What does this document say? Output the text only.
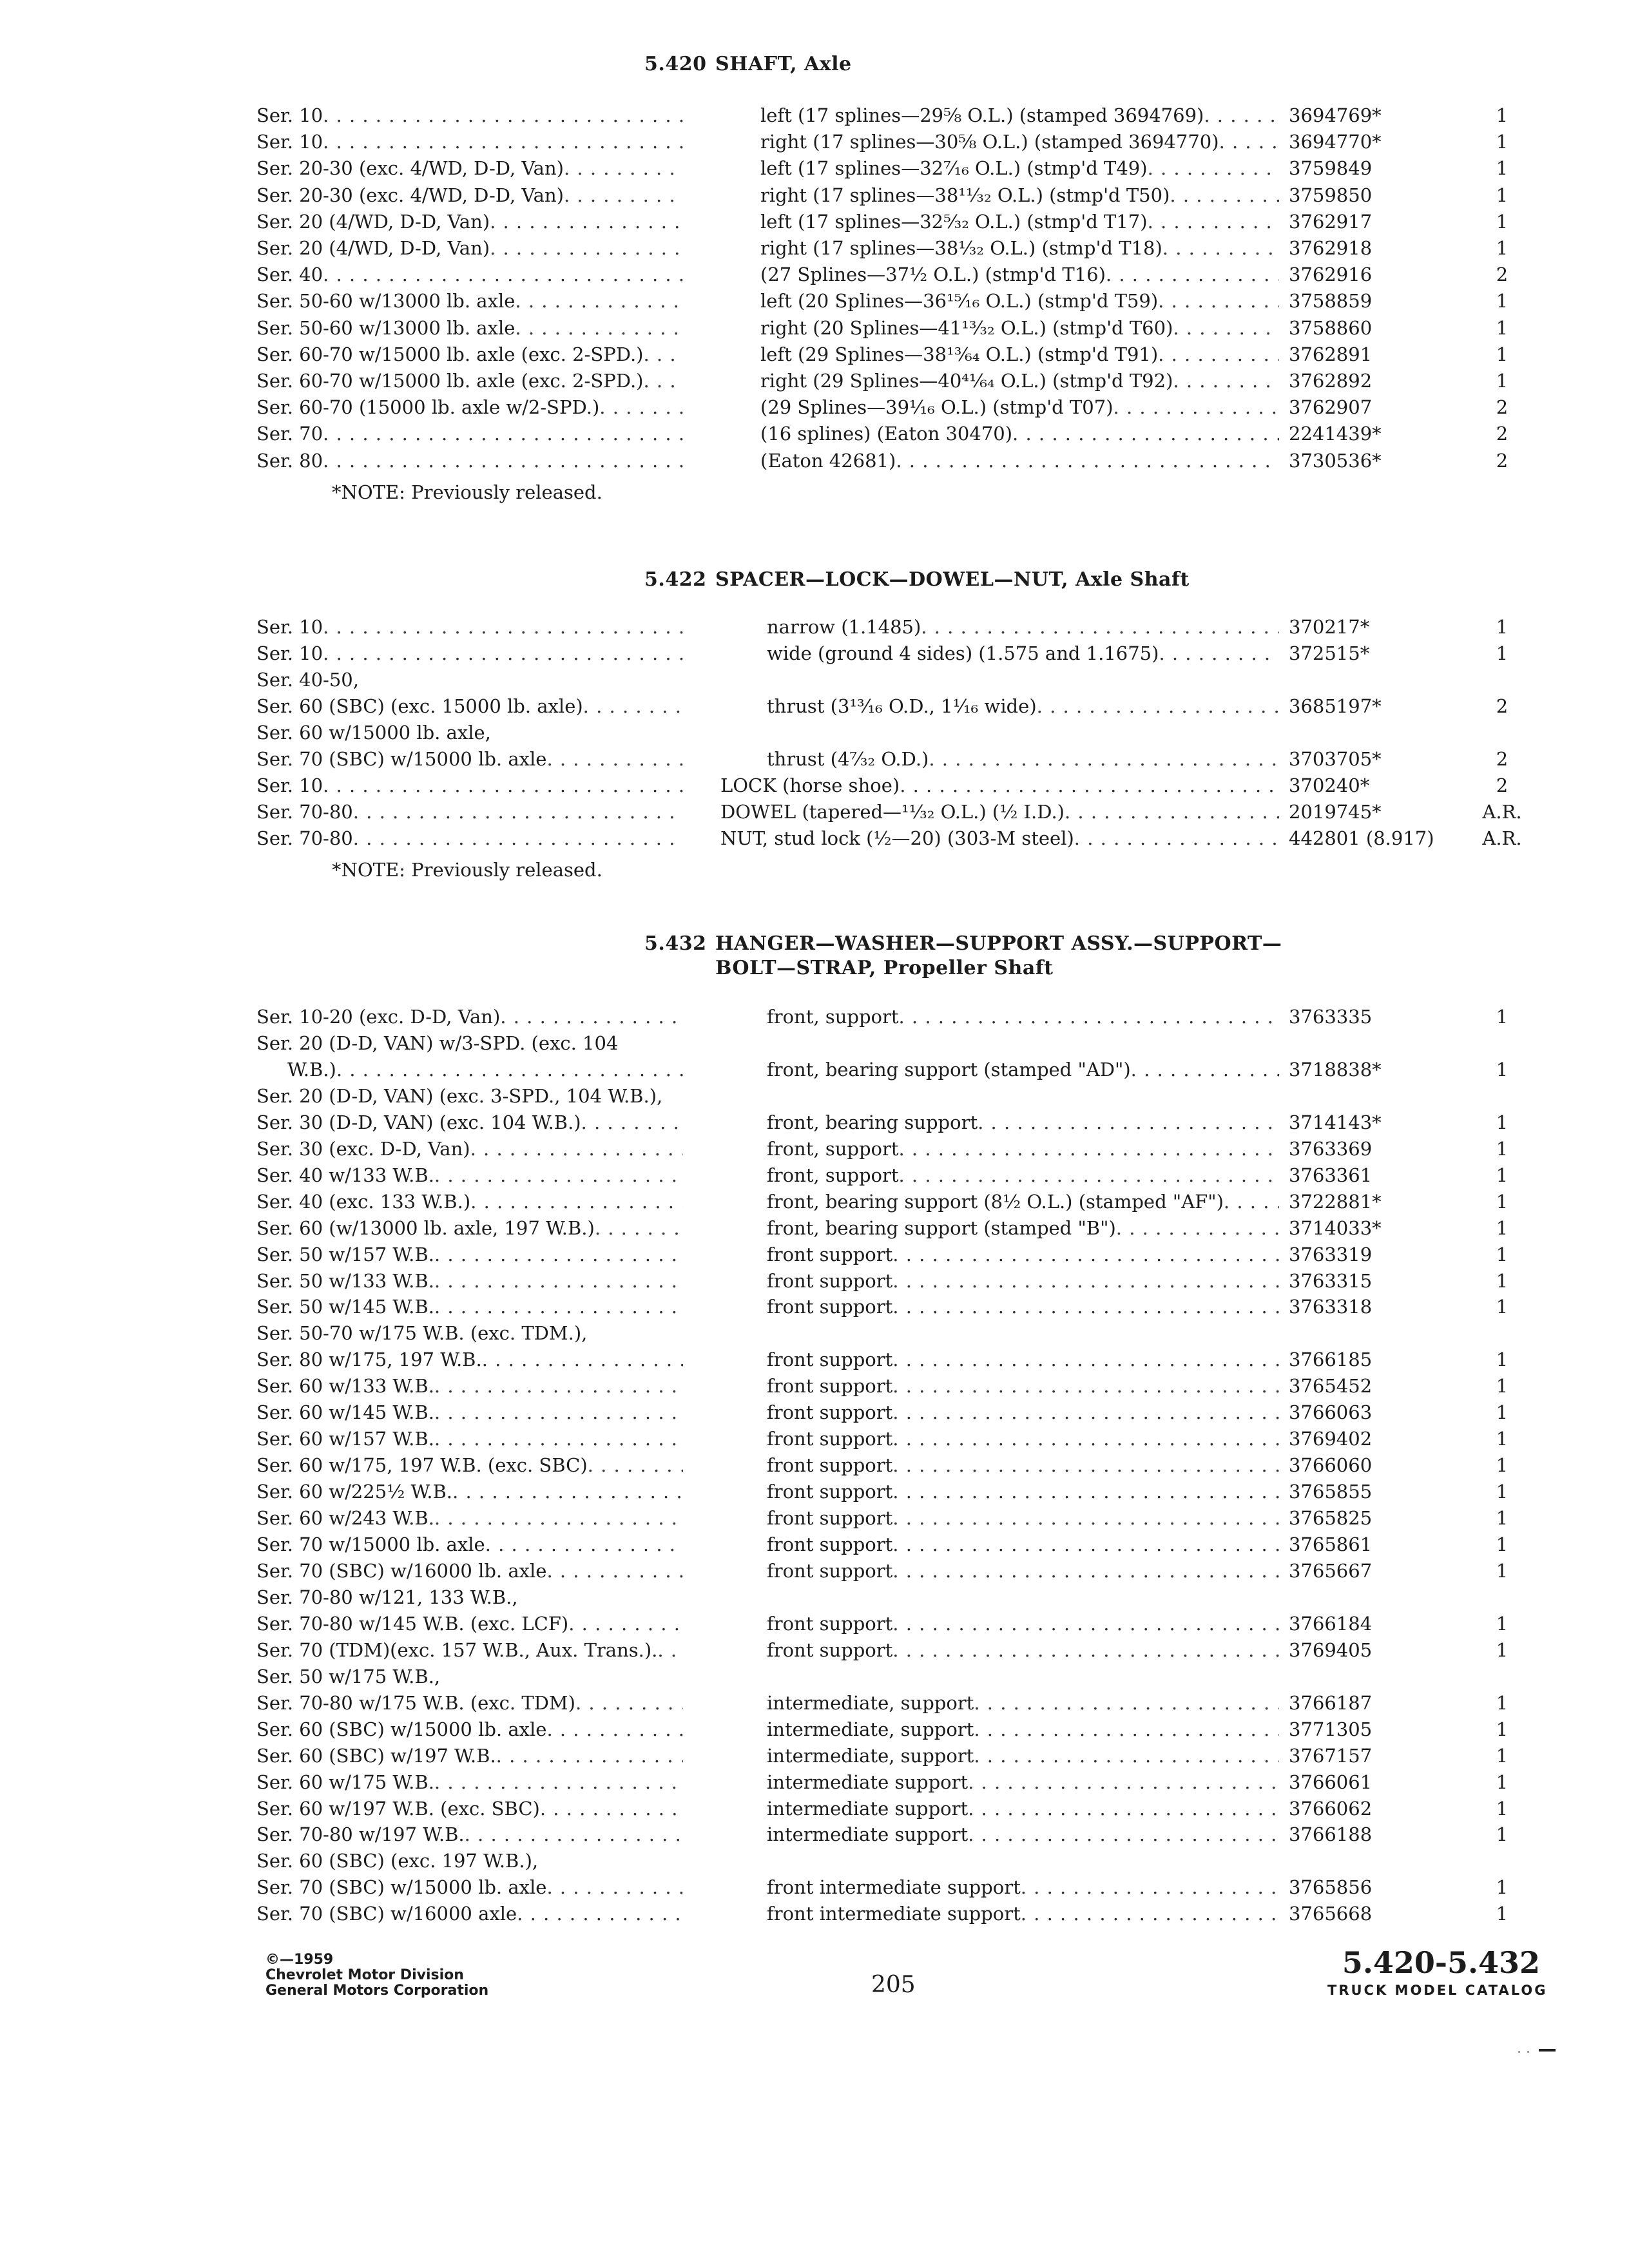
5.420 SHAFT, Axle
Ser. 10 . . .	left (17 splines—29⅝ O.L.) (stamped 3694769) . . .	3694769*	1
Ser. 10 . . .	right (17 splines—30⅝ O.L.) (stamped 3694770) . . .	3694770*	1
Ser. 20-30 (exc. 4/WD, D-D, Van) . . .	left (17 splines—32⁷⁄₁₆ O.L.) (stmp'd T49) . . .	3759849	1
Ser. 20-30 (exc. 4/WD, D-D, Van) . . .	right (17 splines—38¹¹⁄₃₂ O.L.) (stmp'd T50) . . .	3759850	1
Ser. 20 (4/WD, D-D, Van) . . .	left (17 splines—32⁵⁄₃₂ O.L.) (stmp'd T17) . . .	3762917	1
Ser. 20 (4/WD, D-D, Van) . . .	right (17 splines—38¹⁄₃₂ O.L.) (stmp'd T18) . . .	3762918	1
Ser. 40 . . .	(27 Splines—37½ O.L.) (stmp'd T16) . . .	3762916	2
Ser. 50-60 w/13000 lb. axle . . .	left (20 Splines—36¹⁵⁄₁₆ O.L.) (stmp'd T59) . . .	3758859	1
Ser. 50-60 w/13000 lb. axle . . .	right (20 Splines—41¹³⁄₃₂ O.L.) (stmp'd T60) . . .	3758860	1
Ser. 60-70 w/15000 lb. axle (exc. 2-SPD.) . . .	left (29 Splines—38¹³⁄₆₄ O.L.) (stmp'd T91) . . .	3762891	1
Ser. 60-70 w/15000 lb. axle (exc. 2-SPD.) . . .	right (29 Splines—40⁴¹⁄₆₄ O.L.) (stmp'd T92) . . .	3762892	1
Ser. 60-70 (15000 lb. axle w/2-SPD.) . . .	(29 Splines—39⅟₁₆ O.L.) (stmp'd T07) . . .	3762907	2
Ser. 70 . . .	(16 splines) (Eaton 30470) . . .	2241439*	2
Ser. 80 . . .	(Eaton 42681) . . .	3730536*	2
*NOTE: Previously released.
5.422 SPACER—LOCK—DOWEL—NUT, Axle Shaft
Ser. 10 . . .	narrow (1.1485) . . .	370217*	1
Ser. 10 . . .	wide (ground 4 sides) (1.575 and 1.1675) . . .	372515*	1
Ser. 40-50,
Ser. 60 (SBC) (exc. 15000 lb. axle) . . .	thrust (3¹³⁄₁₆ O.D., 1⅟₁₆ wide) . . .	3685197*	2
Ser. 60 w/15000 lb. axle,
Ser. 70 (SBC) w/15000 lb. axle . . .	thrust (4⁷⁄₃₂ O.D.) . . .	3703705*	2
Ser. 10 . . .	LOCK (horse shoe) . . .	370240*	2
Ser. 70-80 . . .	DOWEL (tapered—¹¹⁄₃₂ O.L.) (½ I.D.) . . .	2019745*	A.R.
Ser. 70-80 . . .	NUT, stud lock (½—20) (303-M steel) . . .	442801 (8.917)	A.R.
*NOTE: Previously released.
5.432 HANGER—WASHER—SUPPORT ASSY.—SUPPORT—
BOLT—STRAP, Propeller Shaft
Ser. 10-20 (exc. D-D, Van) . . .	front, support . . .	3763335	1
Ser. 20 (D-D, VAN) w/3-SPD. (exc. 104
W.B.) . . .	front, bearing support (stamped "AD") . . .	3718838*	1
Ser. 20 (D-D, VAN) (exc. 3-SPD., 104 W.B.),
Ser. 30 (D-D, VAN) (exc. 104 W.B.) . . .	front, bearing support . . .	3714143*	1
Ser. 30 (exc. D-D, Van) . . .	front, support . . .	3763369	1
Ser. 40 w/133 W.B. . . .	front, support . . .	3763361	1
Ser. 40 (exc. 133 W.B.) . . .	front, bearing support (8½ O.L.) (stamped "AF") . . .	3722881*	1
Ser. 60 (w/13000 lb. axle, 197 W.B.) . . .	front, bearing support (stamped "B") . . .	3714033*	1
Ser. 50 w/157 W.B. . . .	front support . . .	3763319	1
Ser. 50 w/133 W.B. . . .	front support . . .	3763315	1
Ser. 50 w/145 W.B. . . .	front support . . .	3763318	1
Ser. 50-70 w/175 W.B. (exc. TDM.),
Ser. 80 w/175, 197 W.B. . . .	front support . . .	3766185	1
Ser. 60 w/133 W.B. . . .	front support . . .	3765452	1
Ser. 60 w/145 W.B. . . .	front support . . .	3766063	1
Ser. 60 w/157 W.B. . . .	front support . . .	3769402	1
Ser. 60 w/175, 197 W.B. (exc. SBC) . . .	front support . . .	3766060	1
Ser. 60 w/225½ W.B. . . .	front support . . .	3765855	1
Ser. 60 w/243 W.B. . . .	front support . . .	3765825	1
Ser. 70 w/15000 lb. axle . . .	front support . . .	3765861	1
Ser. 70 (SBC) w/16000 lb. axle . . .	front support . . .	3765667	1
Ser. 70-80 w/121, 133 W.B.,
Ser. 70-80 w/145 W.B. (exc. LCF) . . .	front support . . .	3766184	1
Ser. 70 (TDM)(exc. 157 W.B., Aux. Trans.). . . .	front support . . .	3769405	1
Ser. 50 w/175 W.B.,
Ser. 70-80 w/175 W.B. (exc. TDM) . . .	intermediate, support . . .	3766187	1
Ser. 60 (SBC) w/15000 lb. axle . . .	intermediate, support . . .	3771305	1
Ser. 60 (SBC) w/197 W.B. . . .	intermediate, support . . .	3767157	1
Ser. 60 w/175 W.B. . . .	intermediate support . . .	3766061	1
Ser. 60 w/197 W.B. (exc. SBC) . . .	intermediate support . . .	3766062	1
Ser. 70-80 w/197 W.B. . . .	intermediate support . . .	3766188	1
Ser. 60 (SBC) (exc. 197 W.B.),
Ser. 70 (SBC) w/15000 lb. axle . . .	front intermediate support . . .	3765856	1
Ser. 70 (SBC) w/16000 axle . . .	front intermediate support . . .	3765668	1
©—1959
Chevrolet Motor Division
General Motors Corporation	205
5.420-5.432
TRUCK MODEL CATALOG
